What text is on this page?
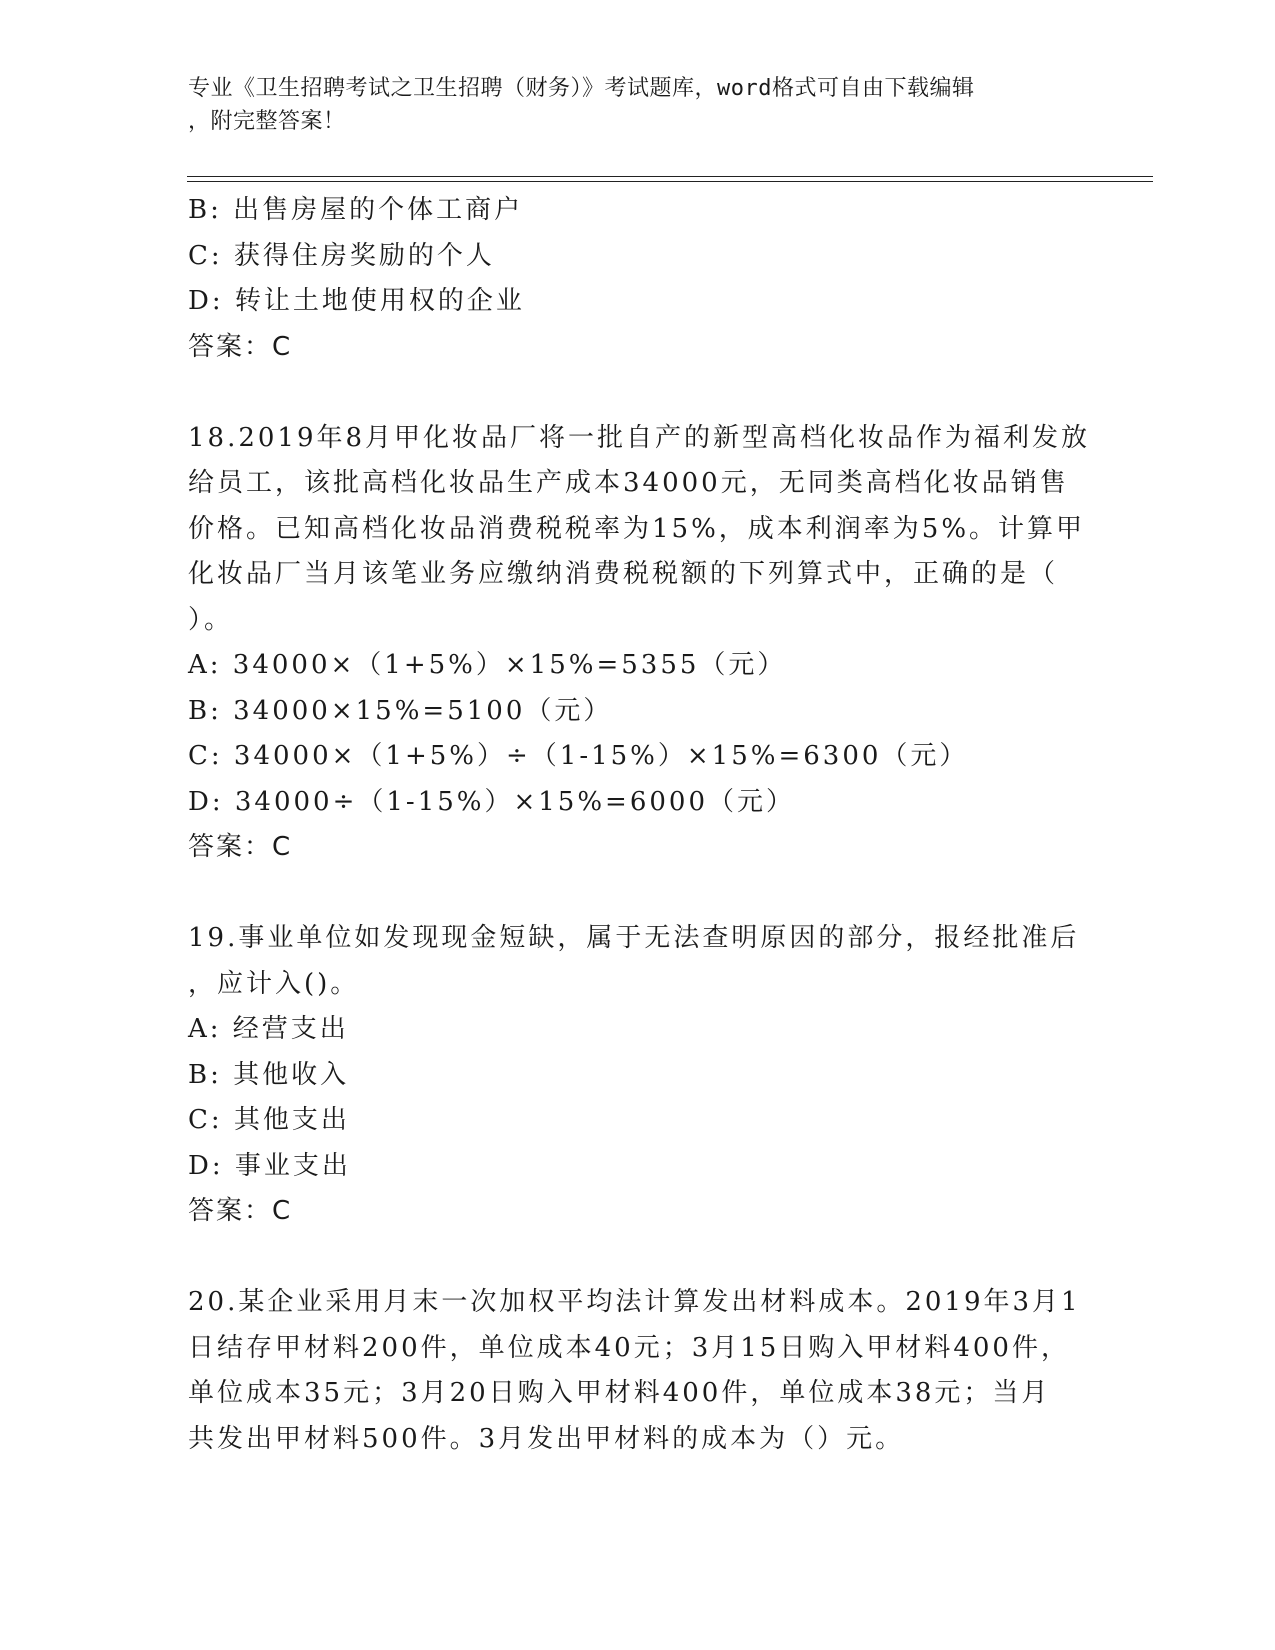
专业《卫生招聘考试之卫生招聘（财务）》考试题库，word格式可自由下载编辑
，附完整答案！
B: 出售房屋的个体工商户
C: 获得住房奖励的个人
D: 转让土地使用权的企业
答案：C
18.2019年8月甲化妆品厂将一批自产的新型高档化妆品作为福利发放
给员工，该批高档化妆品生产成本34000元，无同类高档化妆品销售
价格。已知高档化妆品消费税税率为15%，成本利润率为5%。计算甲
化妆品厂当月该笔业务应缴纳消费税税额的下列算式中，正确的是（
）。
A: 34000×（1+5%）×15%=5355（元）
B: 34000×15%=5100（元）
C: 34000×（1+5%）÷（1-15%）×15%=6300（元）
D: 34000÷（1-15%）×15%=6000（元）
答案：C
19.事业单位如发现现金短缺，属于无法查明原因的部分，报经批准后
，应计入()。
A: 经营支出
B: 其他收入
C: 其他支出
D: 事业支出
答案：C
20.某企业采用月末一次加权平均法计算发出材料成本。2019年3月1
日结存甲材料200件，单位成本40元；3月15日购入甲材料400件，
单位成本35元；3月20日购入甲材料400件，单位成本38元；当月
共发出甲材料500件。3月发出甲材料的成本为（）元。
